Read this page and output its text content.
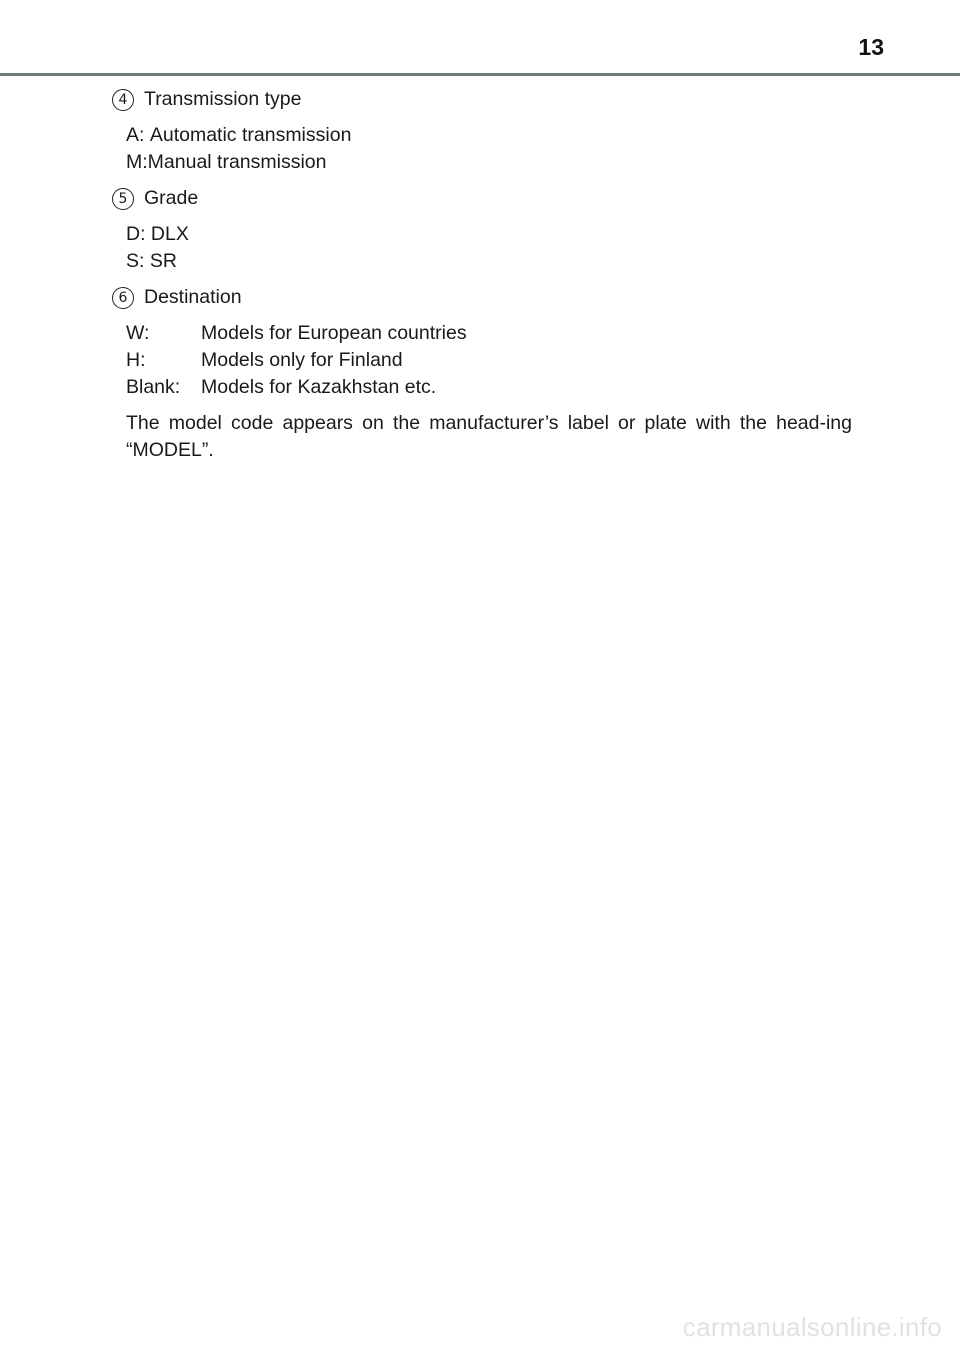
13
4 Transmission type
A: Automatic transmission
M: Manual transmission
5 Grade
D: DLX
S: SR
6 Destination
W:	Models for European countries
H:	Models only for Finland
Blank:	Models for Kazakhstan etc.

The model code appears on the manufacturer’s label or plate with the head-ing “MODEL”.

carmanualsonline.info
